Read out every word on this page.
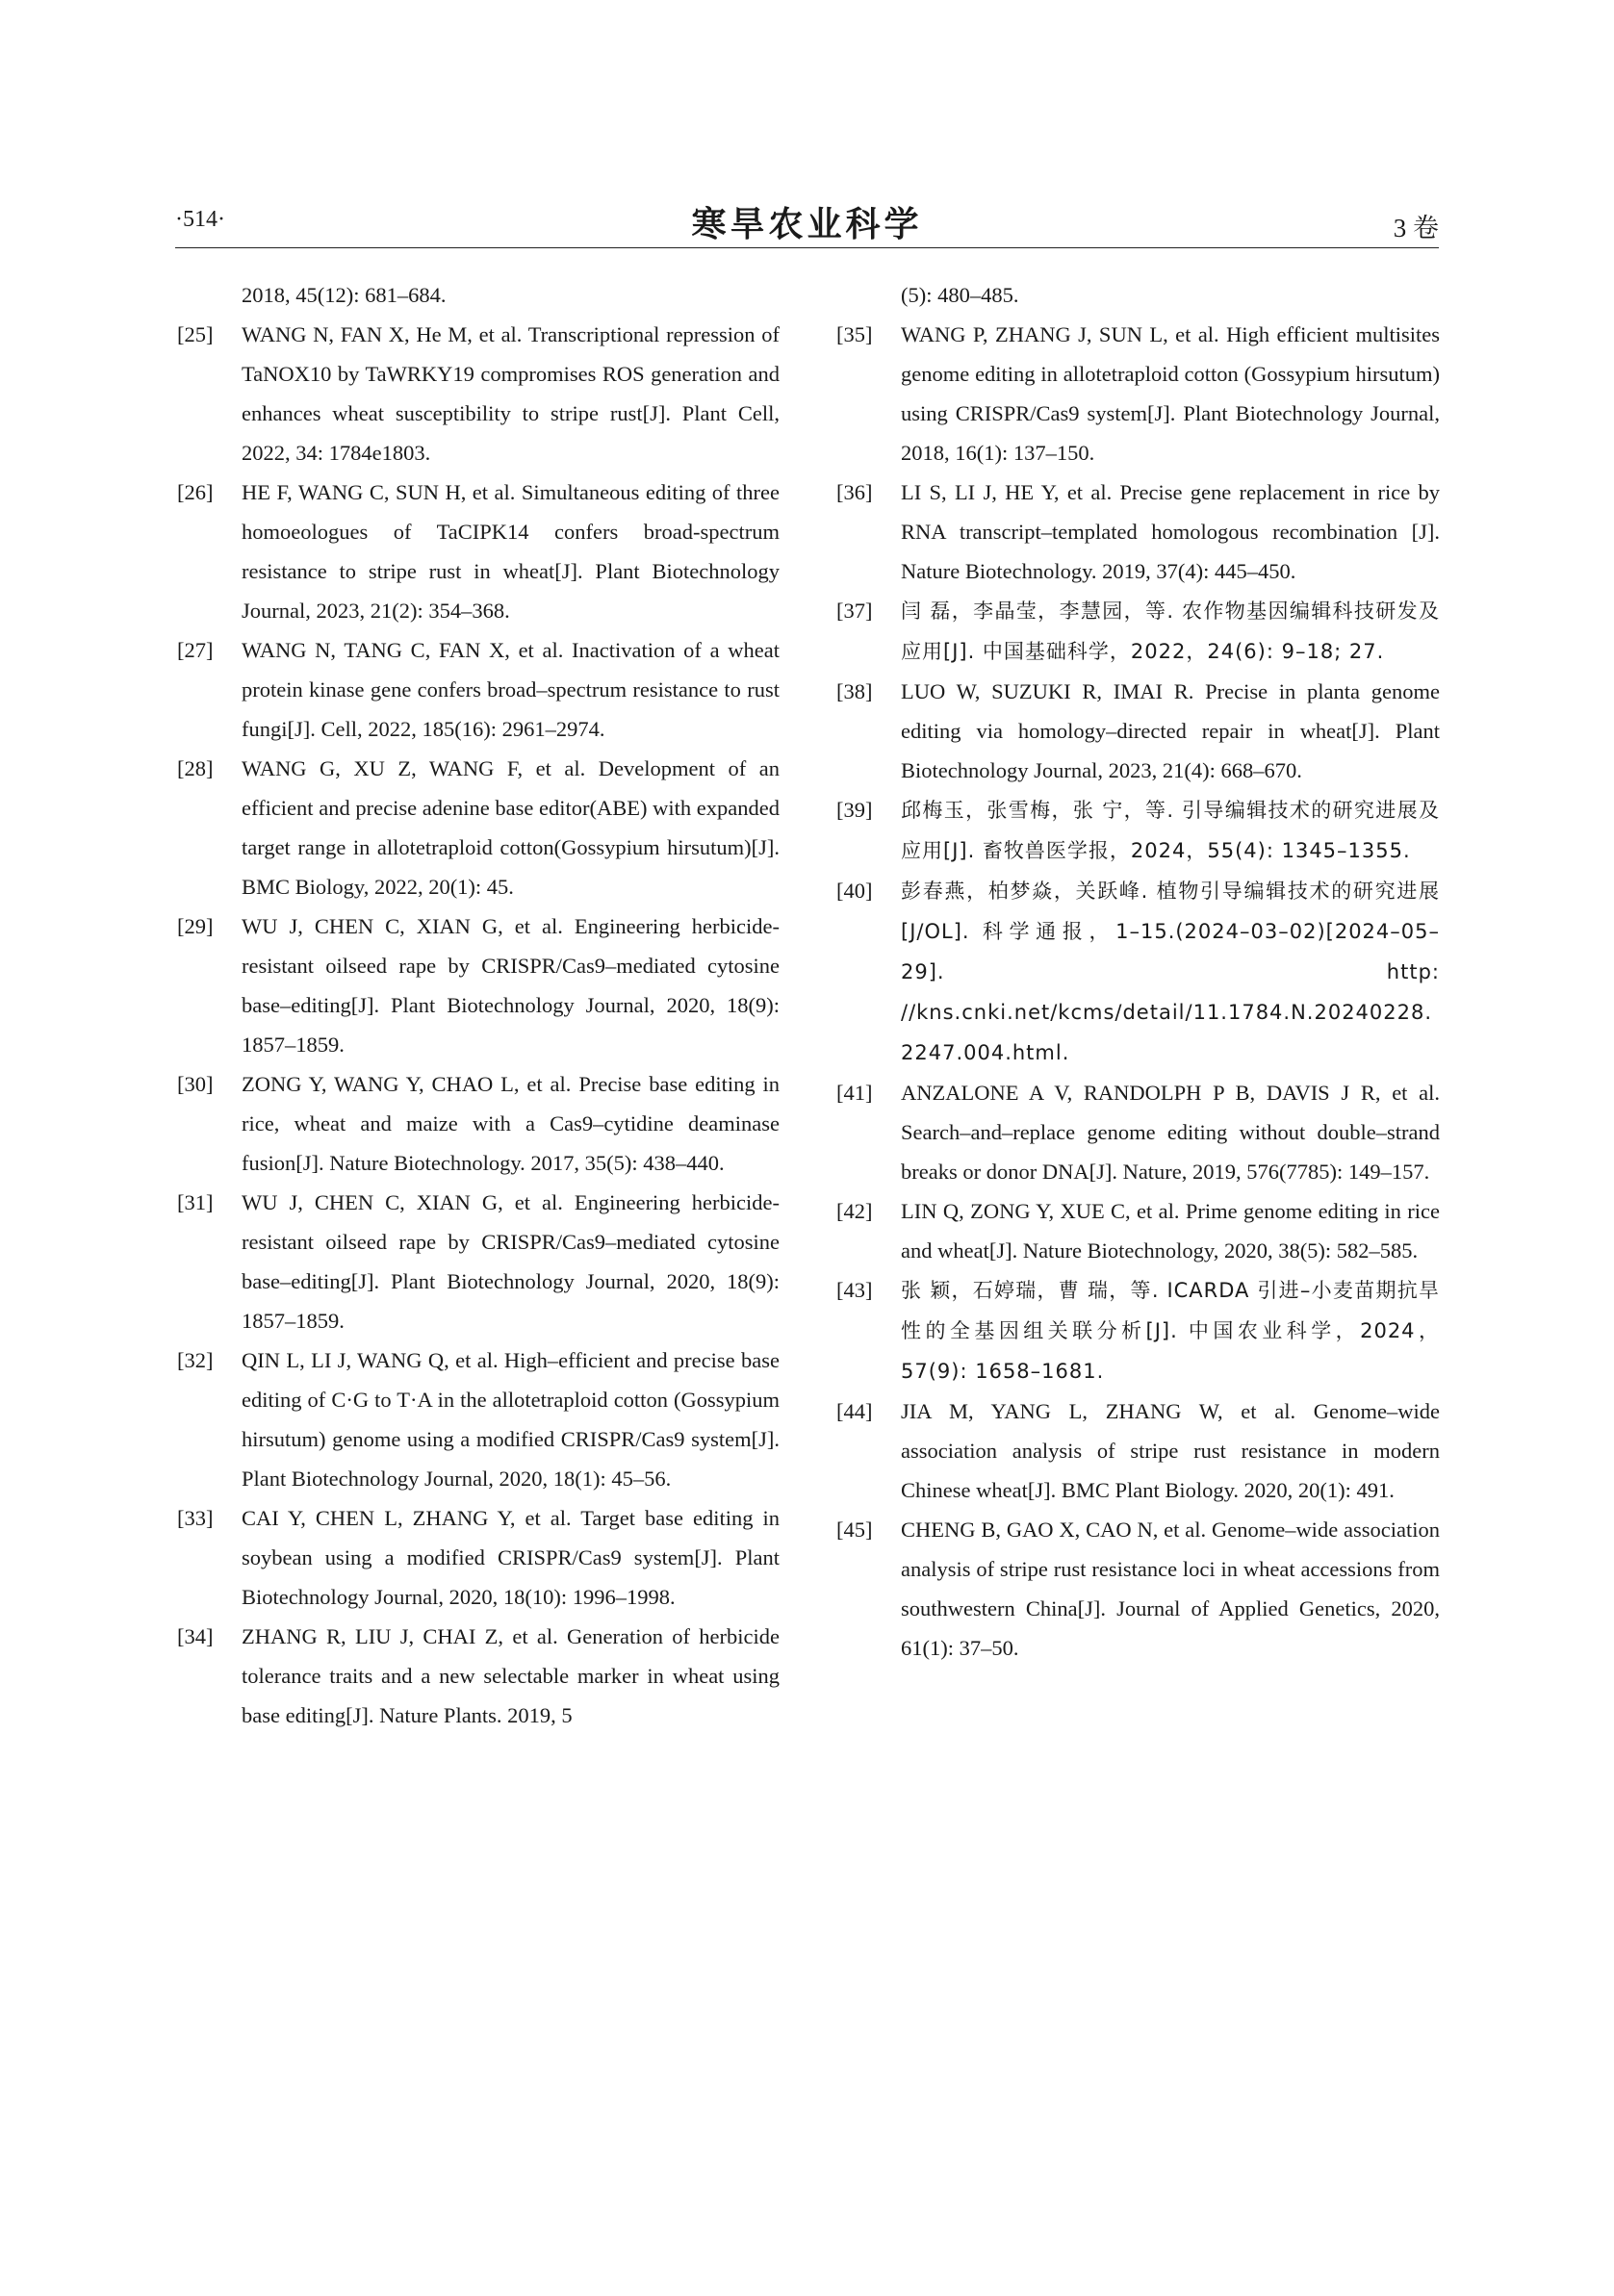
·514·	寒旱农业科学	3 卷
2018, 45(12): 681–684.
[25] WANG N, FAN X, He M, et al. Transcriptional repression of TaNOX10 by TaWRKY19 compromises ROS generation and enhances wheat susceptibility to stripe rust[J]. Plant Cell, 2022, 34: 1784e1803.
[26] HE F, WANG C, SUN H, et al. Simultaneous editing of three homoeologues of TaCIPK14 confers broad-spectrum resistance to stripe rust in wheat[J]. Plant Biotechnology Journal, 2023, 21(2): 354–368.
[27] WANG N, TANG C, FAN X, et al. Inactivation of a wheat protein kinase gene confers broad–spectrum resistance to rust fungi[J]. Cell, 2022, 185(16): 2961–2974.
[28] WANG G, XU Z, WANG F, et al. Development of an efficient and precise adenine base editor(ABE) with expanded target range in allotetraploid cotton(Gossypium hirsutum)[J]. BMC Biology, 2022, 20(1): 45.
[29] WU J, CHEN C, XIAN G, et al. Engineering herbicide-resistant oilseed rape by CRISPR/Cas9–mediated cytosine base–editing[J]. Plant Biotechnology Journal, 2020, 18(9): 1857–1859.
[30] ZONG Y, WANG Y, CHAO L, et al. Precise base editing in rice, wheat and maize with a Cas9–cytidine deaminase fusion[J]. Nature Biotechnology. 2017, 35(5): 438–440.
[31] WU J, CHEN C, XIAN G, et al. Engineering herbicide-resistant oilseed rape by CRISPR/Cas9–mediated cytosine base–editing[J]. Plant Biotechnology Journal, 2020, 18(9): 1857–1859.
[32] QIN L, LI J, WANG Q, et al. High–efficient and precise base editing of C·G to T·A in the allotetraploid cotton (Gossypium hirsutum) genome using a modified CRISPR/Cas9 system[J]. Plant Biotechnology Journal, 2020, 18(1): 45–56.
[33] CAI Y, CHEN L, ZHANG Y, et al. Target base editing in soybean using a modified CRISPR/Cas9 system[J]. Plant Biotechnology Journal, 2020, 18(10): 1996–1998.
[34] ZHANG R, LIU J, CHAI Z, et al. Generation of herbicide tolerance traits and a new selectable marker in wheat using base editing[J]. Nature Plants. 2019, 5
(5): 480–485.
[35] WANG P, ZHANG J, SUN L, et al. High efficient multisites genome editing in allotetraploid cotton (Gossypium hirsutum) using CRISPR/Cas9 system[J]. Plant Biotechnology Journal, 2018, 16(1): 137–150.
[36] LI S, LI J, HE Y, et al. Precise gene replacement in rice by RNA transcript–templated homologous recombination [J]. Nature Biotechnology. 2019, 37(4): 445–450.
[37] 闫 磊，李晶莹，李慧园，等. 农作物基因编辑科技研发及应用[J]. 中国基础科学，2022，24(6): 9–18; 27.
[38] LUO W, SUZUKI R, IMAI R. Precise in planta genome editing via homology–directed repair in wheat[J]. Plant Biotechnology Journal, 2023, 21(4): 668–670.
[39] 邱梅玉，张雪梅，张 宁，等. 引导编辑技术的研究进展及应用[J]. 畜牧兽医学报，2024，55(4): 1345–1355.
[40] 彭春燕，柏梦焱，关跃峰. 植物引导编辑技术的研究进展[J/OL]. 科学通报，1–15.(2024–03–02)[2024–05–29]. http: //kns.cnki.net/kcms/detail/11.1784.N.20240228.2247.004.html.
[41] ANZALONE A V, RANDOLPH P B, DAVIS J R, et al. Search–and–replace genome editing without double–strand breaks or donor DNA[J]. Nature, 2019, 576(7785): 149–157.
[42] LIN Q, ZONG Y, XUE C, et al. Prime genome editing in rice and wheat[J]. Nature Biotechnology, 2020, 38(5): 582–585.
[43] 张 颖，石婷瑞，曹 瑞，等. ICARDA 引进–小麦苗期抗旱性的全基因组关联分析[J]. 中国农业科学，2024，57(9): 1658–1681.
[44] JIA M, YANG L, ZHANG W, et al. Genome–wide association analysis of stripe rust resistance in modern Chinese wheat[J]. BMC Plant Biology. 2020, 20(1): 491.
[45] CHENG B, GAO X, CAO N, et al. Genome–wide association analysis of stripe rust resistance loci in wheat accessions from southwestern China[J]. Journal of Applied Genetics, 2020, 61(1): 37–50.
